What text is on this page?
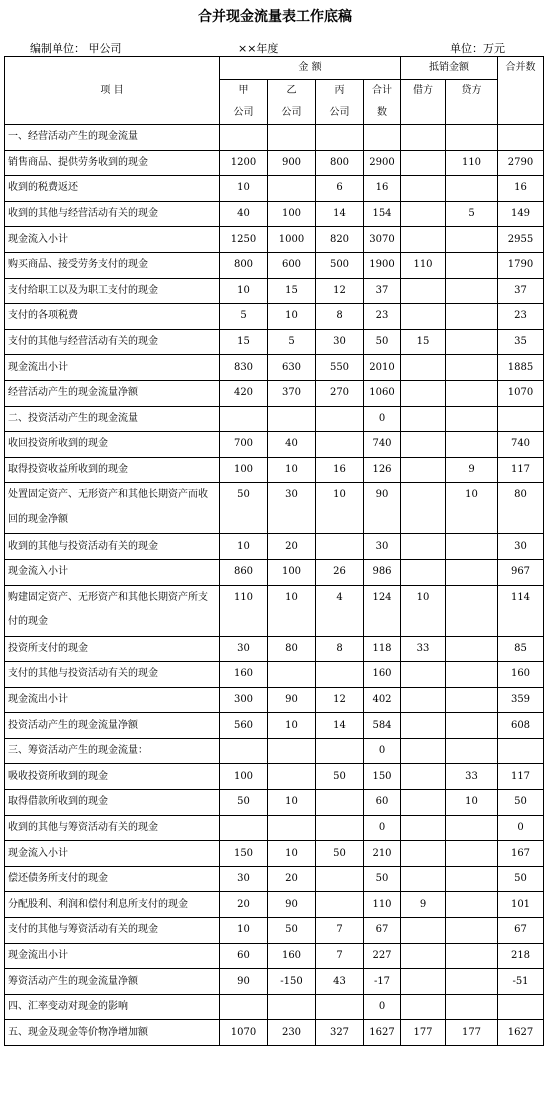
合并现金流量表工作底稿
编制单位： 甲公司	××年度	单位：万元
项 目	金 额				抵销金额		合并数
	甲	乙	丙	合计	借方	贷方	
	公司	公司	公司	数			
一、经营活动产生的现金流量							
销售商品、提供劳务收到的现金	1200	900	800	2900		110	2790
收到的税费返还	10		6	16			16
收到的其他与经营活动有关的现金	40	100	14	154		5	149
现金流入小计	1250	1000	820	3070			2955
购买商品、接受劳务支付的现金	800	600	500	1900	110		1790
支付给职工以及为职工支付的现金	10	15	12	37			37
支付的各项税费	5	10	8	23			23
支付的其他与经营活动有关的现金	15	5	30	50	15		35
现金流出小计	830	630	550	2010			1885
经营活动产生的现金流量净额	420	370	270	1060			1070
二、投资活动产生的现金流量				0			
收回投资所收到的现金	700	40		740			740
取得投资收益所收到的现金	100	10	16	126		9	117
处置固定资产、无形资产和其他长期资产而收回的现金净额	50	30	10	90		10	80
收到的其他与投资活动有关的现金	10	20		30			30
现金流入小计	860	100	26	986			967
购建固定资产、无形资产和其他长期资产所支付的现金	110	10	4	124	10		114
投资所支付的现金	30	80	8	118	33		85
支付的其他与投资活动有关的现金	160			160			160
现金流出小计	300	90	12	402			359
投资活动产生的现金流量净额	560	10	14	584			608
三、筹资活动产生的现金流量：				0			
吸收投资所收到的现金	100		50	150		33	117
取得借款所收到的现金	50	10		60		10	50
收到的其他与筹资活动有关的现金				0			0
现金流入小计	150	10	50	210			167
偿还债务所支付的现金	30	20		50			50
分配股利、利润和偿付利息所支付的现金	20	90		110	9		101
支付的其他与筹资活动有关的现金	10	50	7	67			67
现金流出小计	60	160	7	227			218
筹资活动产生的现金流量净额	90	-150	43	-17			-51
四、汇率变动对现金的影响				0			
五、现金及现金等价物净增加额	1070	230	327	1627	177	177	1627
